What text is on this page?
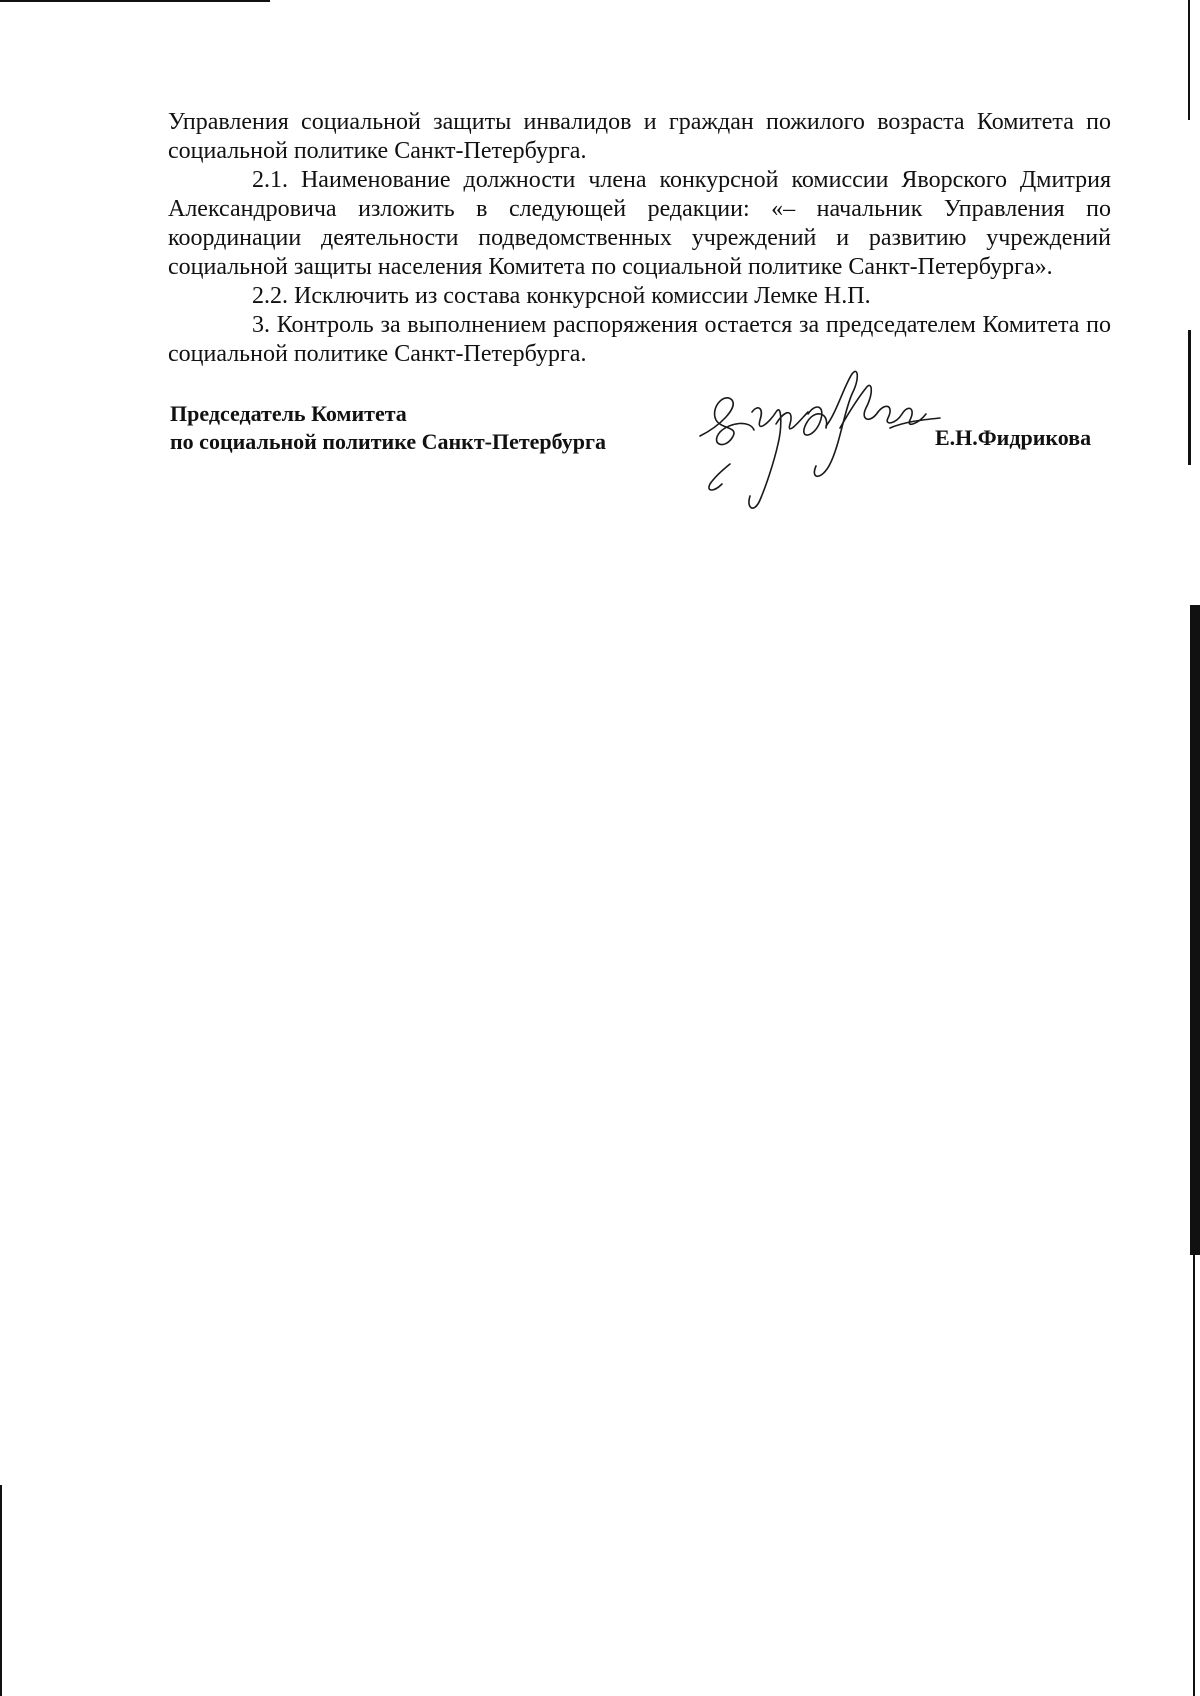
Управления социальной защиты инвалидов и граждан пожилого возраста Комитета по социальной политике Санкт-Петербурга.

2.1. Наименование должности члена конкурсной комиссии Яворского Дмитрия Александровича изложить в следующей редакции: «– начальник Управления по координации деятельности подведомственных учреждений и развитию учреждений социальной защиты населения Комитета по социальной политике Санкт-Петербурга».

2.2. Исключить из состава конкурсной комиссии Лемке Н.П.

3. Контроль за выполнением распоряжения остается за председателем Комитета по социальной политике Санкт-Петербурга.

Председатель Комитета
по социальной политике Санкт-Петербурга	Е.Н.Фидрикова
